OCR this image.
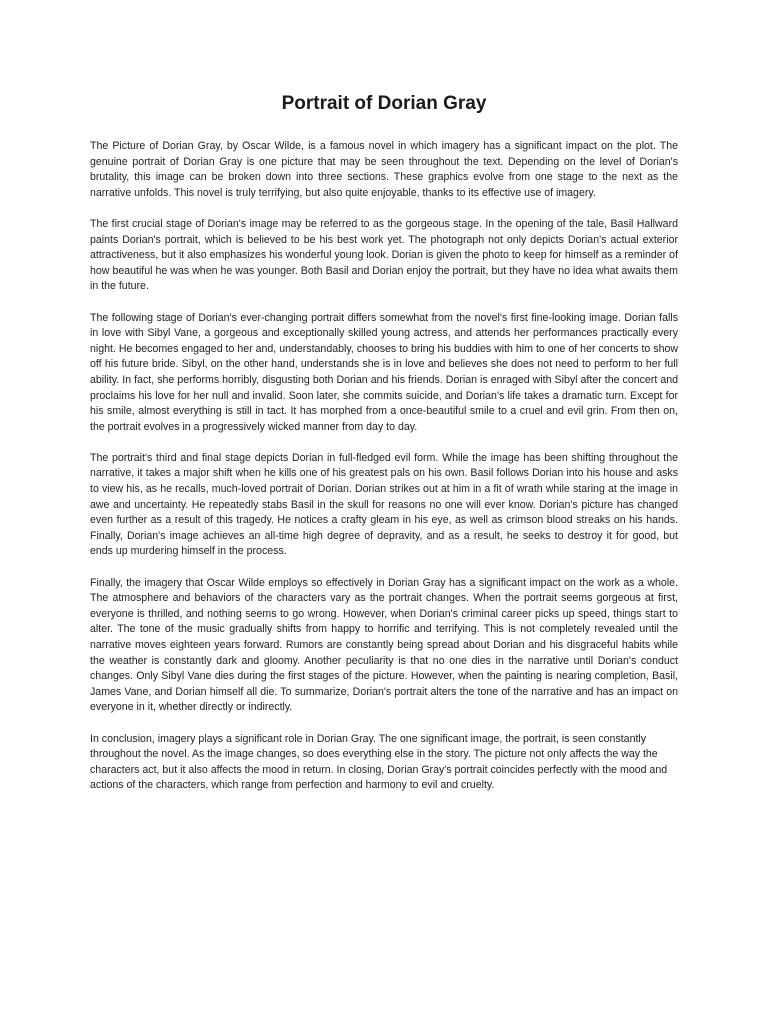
Portrait of Dorian Gray

The Picture of Dorian Gray, by Oscar Wilde, is a famous novel in which imagery has a significant impact on the plot. The genuine portrait of Dorian Gray is one picture that may be seen throughout the text. Depending on the level of Dorian's brutality, this image can be broken down into three sections. These graphics evolve from one stage to the next as the narrative unfolds. This novel is truly terrifying, but also quite enjoyable, thanks to its effective use of imagery.

The first crucial stage of Dorian's image may be referred to as the gorgeous stage. In the opening of the tale, Basil Hallward paints Dorian's portrait, which is believed to be his best work yet. The photograph not only depicts Dorian's actual exterior attractiveness, but it also emphasizes his wonderful young look. Dorian is given the photo to keep for himself as a reminder of how beautiful he was when he was younger. Both Basil and Dorian enjoy the portrait, but they have no idea what awaits them in the future.

The following stage of Dorian's ever-changing portrait differs somewhat from the novel's first fine-looking image. Dorian falls in love with Sibyl Vane, a gorgeous and exceptionally skilled young actress, and attends her performances practically every night. He becomes engaged to her and, understandably, chooses to bring his buddies with him to one of her concerts to show off his future bride. Sibyl, on the other hand, understands she is in love and believes she does not need to perform to her full ability. In fact, she performs horribly, disgusting both Dorian and his friends. Dorian is enraged with Sibyl after the concert and proclaims his love for her null and invalid. Soon later, she commits suicide, and Dorian's life takes a dramatic turn. Except for his smile, almost everything is still in tact. It has morphed from a once-beautiful smile to a cruel and evil grin. From then on, the portrait evolves in a progressively wicked manner from day to day.

The portrait's third and final stage depicts Dorian in full-fledged evil form. While the image has been shifting throughout the narrative, it takes a major shift when he kills one of his greatest pals on his own. Basil follows Dorian into his house and asks to view his, as he recalls, much-loved portrait of Dorian. Dorian strikes out at him in a fit of wrath while staring at the image in awe and uncertainty. He repeatedly stabs Basil in the skull for reasons no one will ever know. Dorian's picture has changed even further as a result of this tragedy. He notices a crafty gleam in his eye, as well as crimson blood streaks on his hands. Finally, Dorian's image achieves an all-time high degree of depravity, and as a result, he seeks to destroy it for good, but ends up murdering himself in the process.

Finally, the imagery that Oscar Wilde employs so effectively in Dorian Gray has a significant impact on the work as a whole. The atmosphere and behaviors of the characters vary as the portrait changes. When the portrait seems gorgeous at first, everyone is thrilled, and nothing seems to go wrong. However, when Dorian's criminal career picks up speed, things start to alter. The tone of the music gradually shifts from happy to horrific and terrifying. This is not completely revealed until the narrative moves eighteen years forward. Rumors are constantly being spread about Dorian and his disgraceful habits while the weather is constantly dark and gloomy. Another peculiarity is that no one dies in the narrative until Dorian's conduct changes. Only Sibyl Vane dies during the first stages of the picture. However, when the painting is nearing completion, Basil, James Vane, and Dorian himself all die. To summarize, Dorian's portrait alters the tone of the narrative and has an impact on everyone in it, whether directly or indirectly.

In conclusion, imagery plays a significant role in Dorian Gray. The one significant image, the portrait, is seen constantly throughout the novel. As the image changes, so does everything else in the story. The picture not only affects the way the characters act, but it also affects the mood in return. In closing, Dorian Gray's portrait coincides perfectly with the mood and actions of the characters, which range from perfection and harmony to evil and cruelty.
